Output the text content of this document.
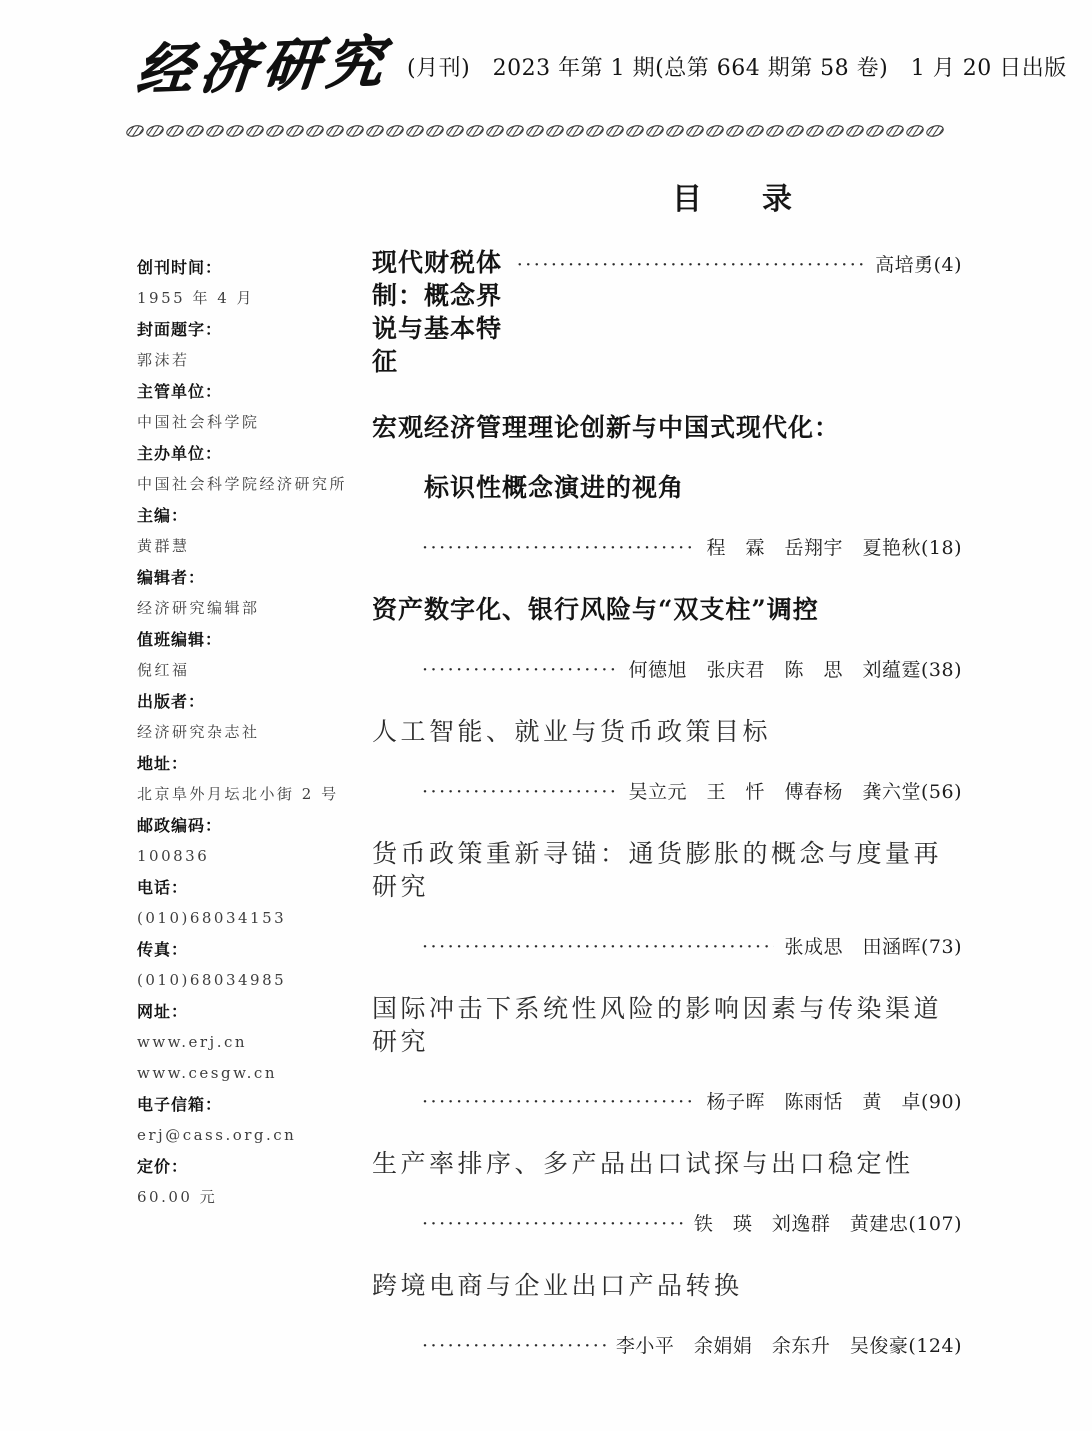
经济研究 (月刊)　2023 年第 1 期(总第 664 期第 58 卷)　1 月 20 日出版
目　　录
创刊时间：
1955 年 4 月
封面题字：
郭沫若
主管单位：
中国社会科学院
主办单位：
中国社会科学院经济研究所
主编：
黄群慧
编辑者：
经济研究编辑部
值班编辑：
倪红福
出版者：
经济研究杂志社
地址：
北京阜外月坛北小街 2 号
邮政编码：
100836
电话：
(010)68034153
传真：
(010)68034985
网址：
www.erj.cn
www.cesgw.cn
电子信箱：
erj@cass.org.cn
定价：
60.00 元
现代财税体制：概念界说与基本特征
·····
高培勇(4)
宏观经济管理理论创新与中国式现代化：
标识性概念演进的视角
·····
程　霖　岳翔宇　夏艳秋(18)
资产数字化、银行风险与“双支柱”调控
·····
何德旭　张庆君　陈　思　刘蕴霆(38)
人工智能、就业与货币政策目标
·····
吴立元　王　忏　傅春杨　龚六堂(56)
货币政策重新寻锚：通货膨胀的概念与度量再研究
·····
张成思　田涵晖(73)
国际冲击下系统性风险的影响因素与传染渠道研究
·····
杨子晖　陈雨恬　黄　卓(90)
生产率排序、多产品出口试探与出口稳定性
·····
铁　瑛　刘逸群　黄建忠(107)
跨境电商与企业出口产品转换
·····
李小平　余娟娟　余东升　吴俊豪(124)
